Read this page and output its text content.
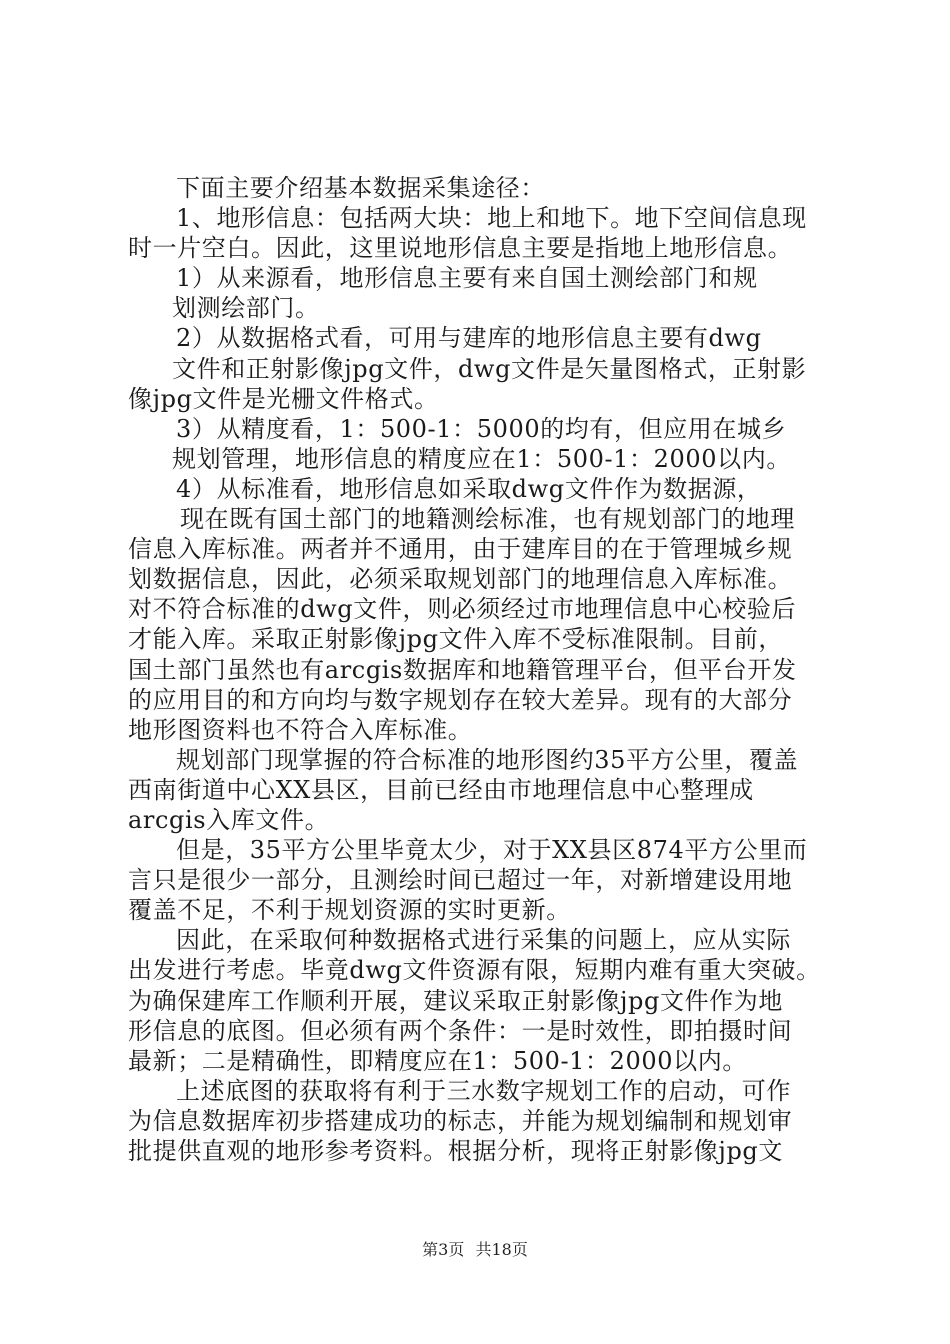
下面主要介绍基本数据采集途径：
1、地形信息：包括两大块：地上和地下。地下空间信息现
时一片空白。因此，这里说地形信息主要是指地上地形信息。
1）从来源看，地形信息主要有来自国土测绘部门和规
划测绘部门。
2）从数据格式看，可用与建库的地形信息主要有dwg
文件和正射影像jpg文件，dwg文件是矢量图格式，正射影
像jpg文件是光栅文件格式。
3）从精度看，1：500-1：5000的均有，但应用在城乡
规划管理，地形信息的精度应在1：500-1：2000以内。
4）从标准看，地形信息如采取dwg文件作为数据源，
现在既有国土部门的地籍测绘标准，也有规划部门的地理
信息入库标准。两者并不通用，由于建库目的在于管理城乡规
划数据信息，因此，必须采取规划部门的地理信息入库标准。
对不符合标准的dwg文件，则必须经过市地理信息中心校验后
才能入库。采取正射影像jpg文件入库不受标准限制。目前，
国土部门虽然也有arcgis数据库和地籍管理平台，但平台开发
的应用目的和方向均与数字规划存在较大差异。现有的大部分
地形图资料也不符合入库标准。
规划部门现掌握的符合标准的地形图约35平方公里，覆盖
西南街道中心XX县区，目前已经由市地理信息中心整理成
arcgis入库文件。
但是，35平方公里毕竟太少，对于XX县区874平方公里而
言只是很少一部分，且测绘时间已超过一年，对新增建设用地
覆盖不足，不利于规划资源的实时更新。
因此，在采取何种数据格式进行采集的问题上，应从实际
出发进行考虑。毕竟dwg文件资源有限，短期内难有重大突破。
为确保建库工作顺利开展，建议采取正射影像jpg文件作为地
形信息的底图。但必须有两个条件：一是时效性，即拍摄时间
最新；二是精确性，即精度应在1：500-1：2000以内。
上述底图的获取将有利于三水数字规划工作的启动，可作
为信息数据库初步搭建成功的标志，并能为规划编制和规划审
批提供直观的地形参考资料。根据分析，现将正射影像jpg文
第3页 共18页
